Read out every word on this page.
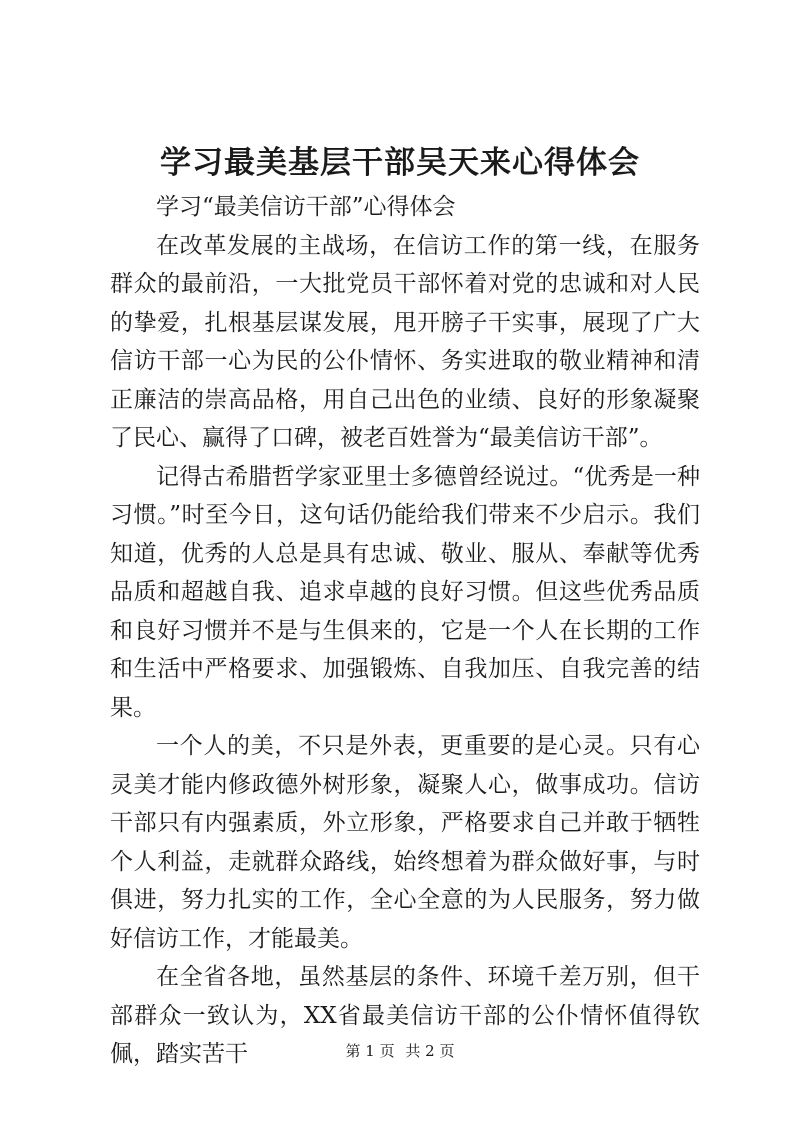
学习最美基层干部吴天来心得体会

学习“最美信访干部”心得体会

在改革发展的主战场，在信访工作的第一线，在服务群众的最前沿，一大批党员干部怀着对党的忠诚和对人民的挚爱，扎根基层谋发展，甩开膀子干实事，展现了广大信访干部一心为民的公仆情怀、务实进取的敬业精神和清正廉洁的崇高品格，用自己出色的业绩、良好的形象凝聚了民心、赢得了口碑，被老百姓誉为“最美信访干部”。

记得古希腊哲学家亚里士多德曾经说过。“优秀是一种习惯。”时至今日，这句话仍能给我们带来不少启示。我们知道，优秀的人总是具有忠诚、敬业、服从、奉献等优秀品质和超越自我、追求卓越的良好习惯。但这些优秀品质和良好习惯并不是与生俱来的，它是一个人在长期的工作和生活中严格要求、加强锻炼、自我加压、自我完善的结果。

一个人的美，不只是外表，更重要的是心灵。只有心灵美才能内修政德外树形象，凝聚人心，做事成功。信访干部只有内强素质，外立形象，严格要求自己并敢于牺牲个人利益，走就群众路线，始终想着为群众做好事，与时俱进，努力扎实的工作，全心全意的为人民服务，努力做好信访工作，才能最美。

在全省各地，虽然基层的条件、环境千差万别，但干部群众一致认为，XX省最美信访干部的公仆情怀值得钦佩，踏实苦干	第 1 页 共 2 页
